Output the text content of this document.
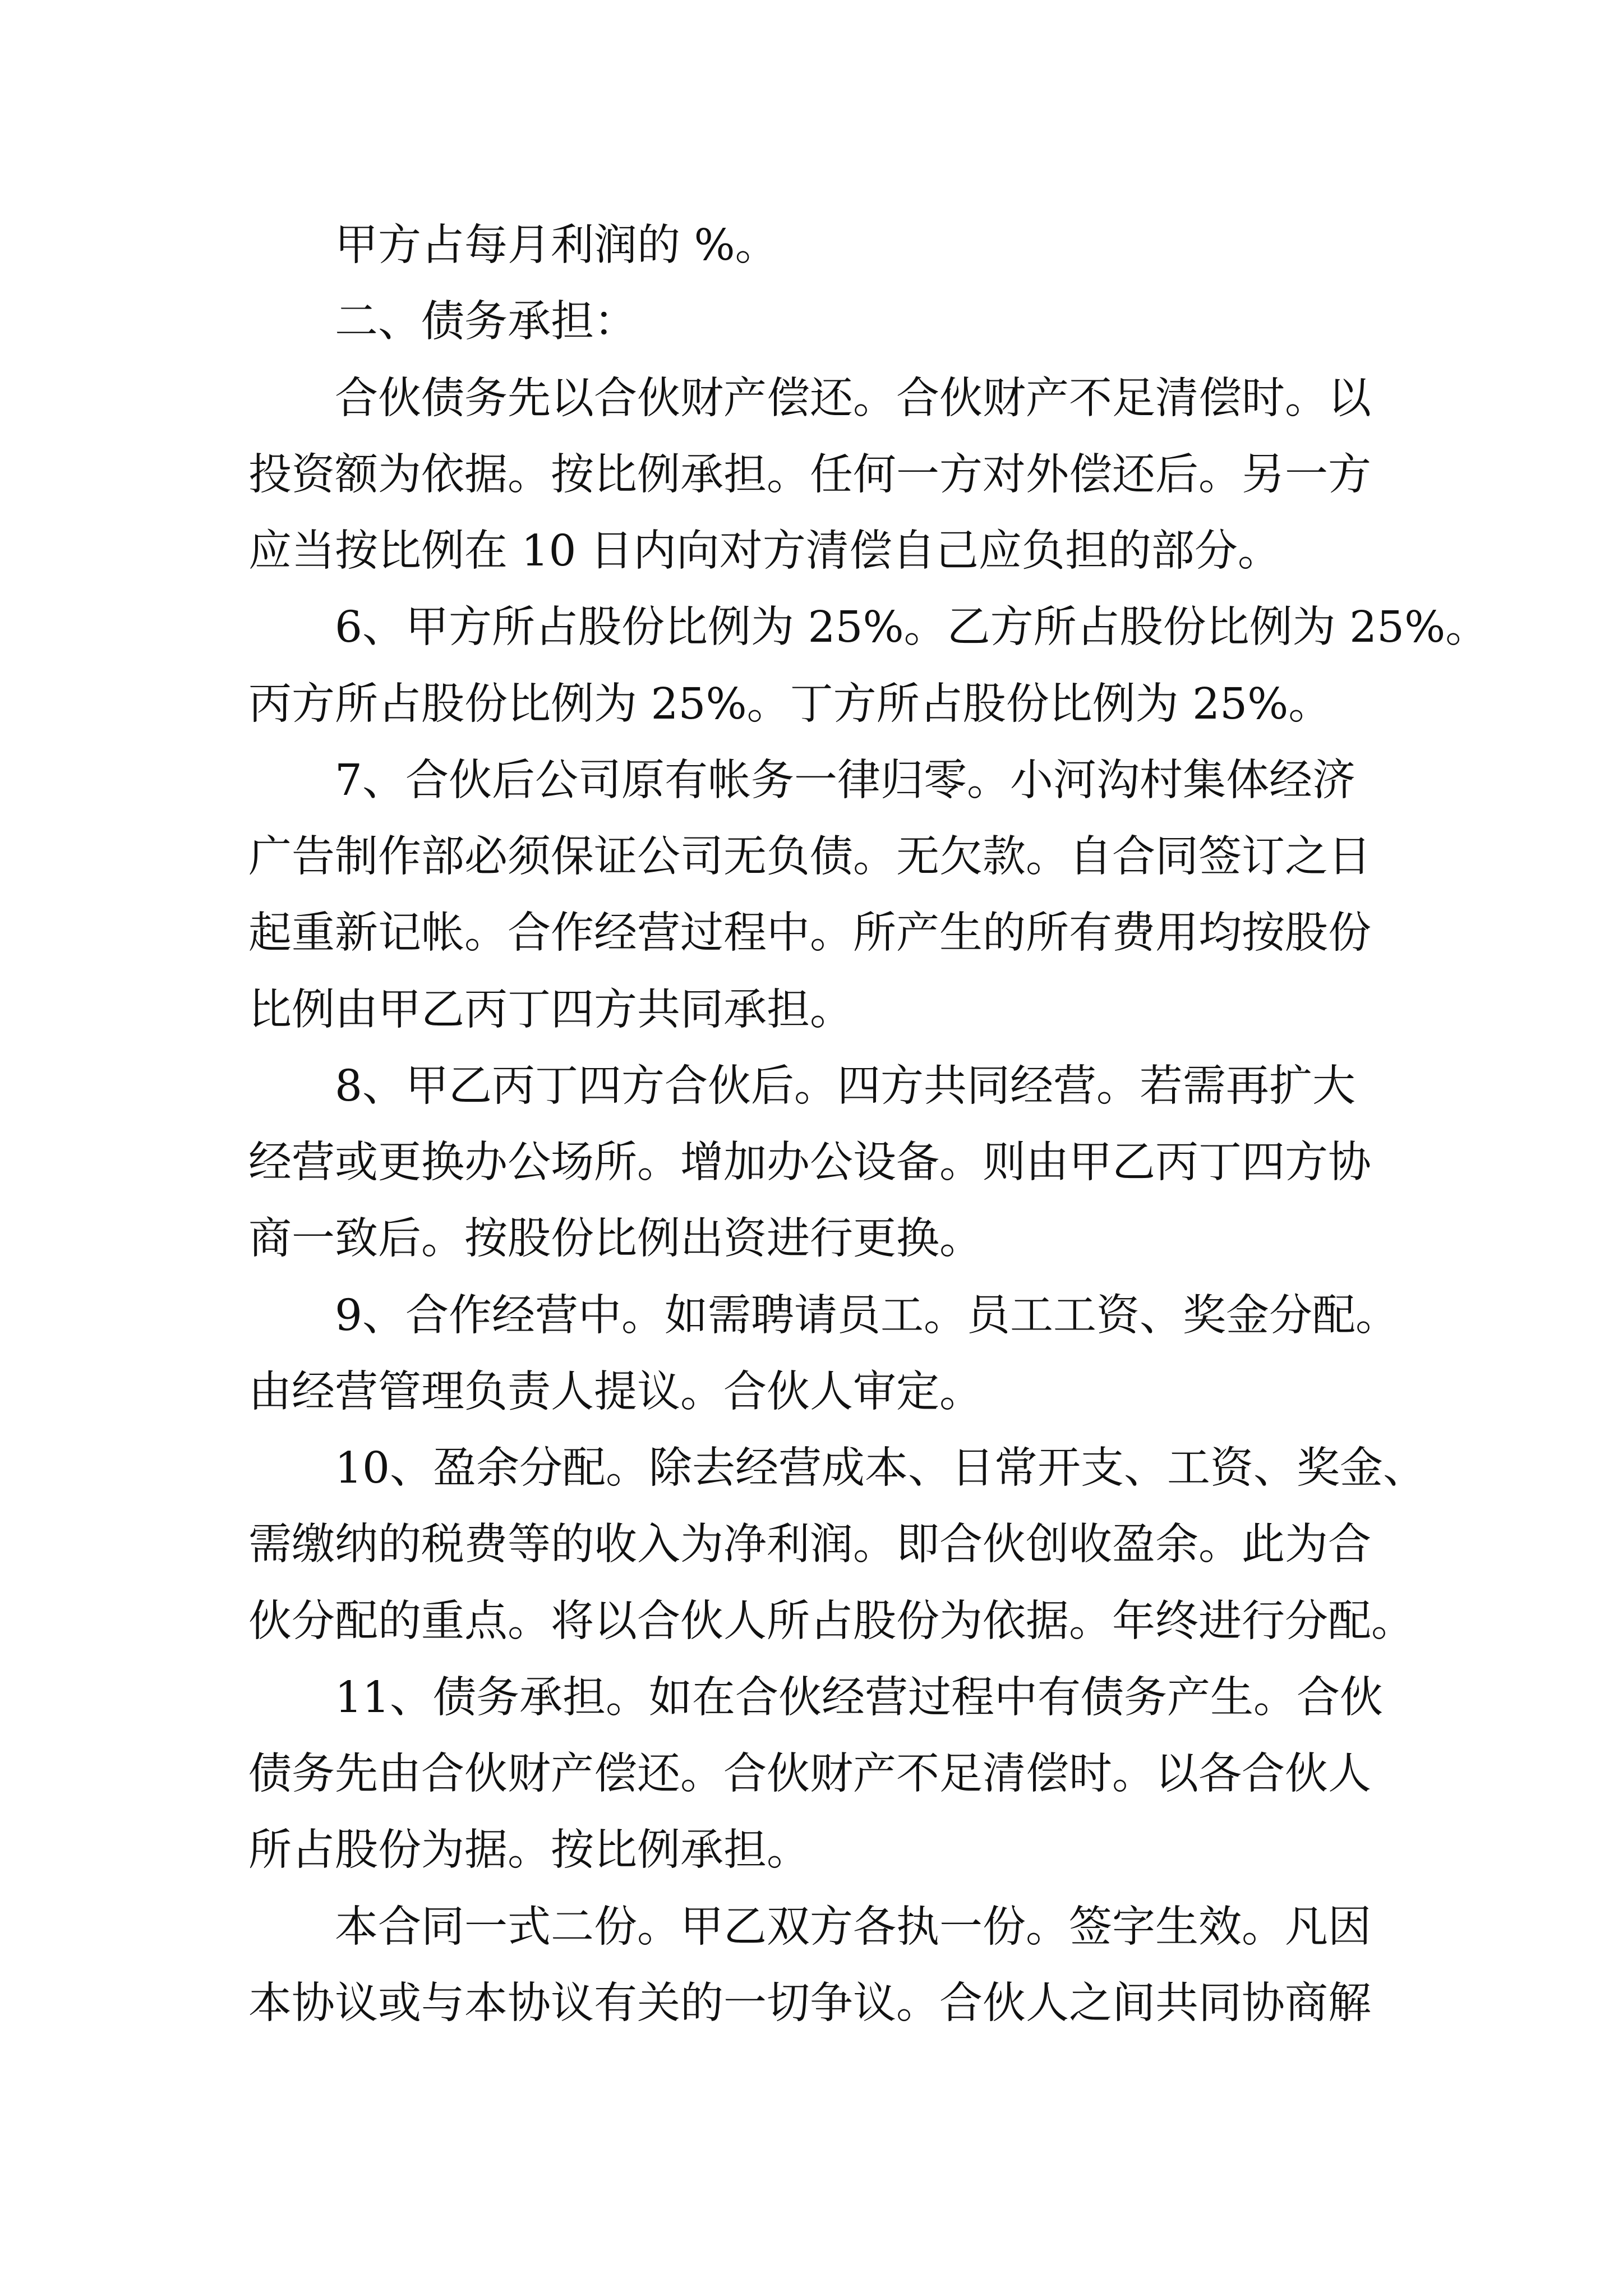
甲方占每月利润的 %。
二、债务承担：
合伙债务先以合伙财产偿还。合伙财产不足清偿时。以
投资额为依据。按比例承担。任何一方对外偿还后。另一方
应当按比例在 10 日内向对方清偿自己应负担的部分。
6、甲方所占股份比例为 25%。乙方所占股份比例为 25%。
丙方所占股份比例为 25%。丁方所占股份比例为 25%。
7、合伙后公司原有帐务一律归零。小河沟村集体经济
广告制作部必须保证公司无负债。无欠款。自合同签订之日
起重新记帐。合作经营过程中。所产生的所有费用均按股份
比例由甲乙丙丁四方共同承担。
8、甲乙丙丁四方合伙后。四方共同经营。若需再扩大
经营或更换办公场所。增加办公设备。则由甲乙丙丁四方协
商一致后。按股份比例出资进行更换。
9、合作经营中。如需聘请员工。员工工资、奖金分配。
由经营管理负责人提议。合伙人审定。
10、盈余分配。除去经营成本、日常开支、工资、奖金、
需缴纳的税费等的收入为净利润。即合伙创收盈余。此为合
伙分配的重点。将以合伙人所占股份为依据。年终进行分配。
11、债务承担。如在合伙经营过程中有债务产生。合伙
债务先由合伙财产偿还。合伙财产不足清偿时。以各合伙人
所占股份为据。按比例承担。
本合同一式二份。甲乙双方各执一份。签字生效。凡因
本协议或与本协议有关的一切争议。合伙人之间共同协商解
